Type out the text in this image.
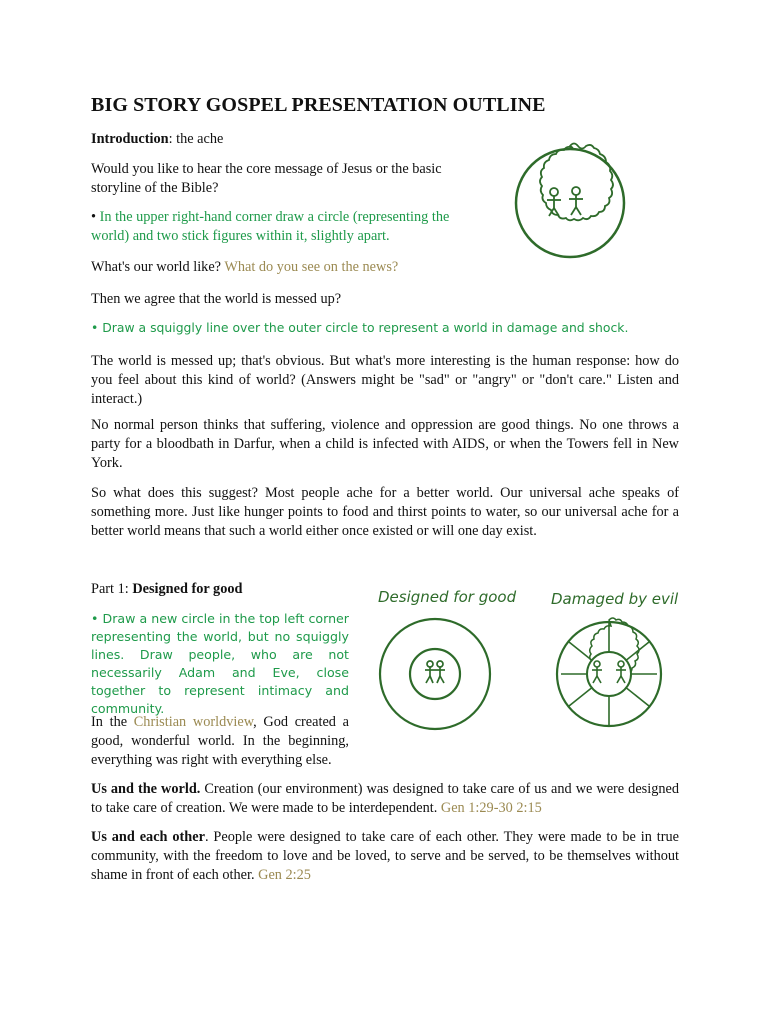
BIG STORY GOSPEL PRESENTATION OUTLINE

Introduction: the ache

Would you like to hear the core message of Jesus or the basic storyline of the Bible?

• In the upper right-hand corner draw a circle (representing the world) and two stick figures within it, slightly apart.

What's our world like? What do you see on the news?

Then we agree that the world is messed up?

• Draw a squiggly line over the outer circle to represent a world in damage and shock.

The world is messed up; that's obvious. But what's more interesting is the human response: how do you feel about this kind of world? (Answers might be "sad" or "angry" or "don't care." Listen and interact.)

No normal person thinks that suffering, violence and oppression are good things. No one throws a party for a bloodbath in Darfur, when a child is infected with AIDS, or when the Towers fell in New York.

So what does this suggest? Most people ache for a better world. Our universal ache speaks of something more. Just like hunger points to food and thirst points to water, so our universal ache for a better world means that such a world either once existed or will one day exist.

Part 1: Designed for good

• Draw a new circle in the top left corner representing the world, but no squiggly lines. Draw people, who are not necessarily Adam and Eve, close together to represent intimacy and community.

In the Christian worldview, God created a good, wonderful world. In the beginning, everything was right with everything else.

Us and the world. Creation (our environment) was designed to take care of us and we were designed to take care of creation. We were made to be interdependent. Gen 1:29-30 2:15

Us and each other. People were designed to take care of each other. They were made to be in true community, with the freedom to love and be loved, to serve and be served, to be themselves without shame in front of each other. Gen 2:25

Designed for good Damaged by evil
